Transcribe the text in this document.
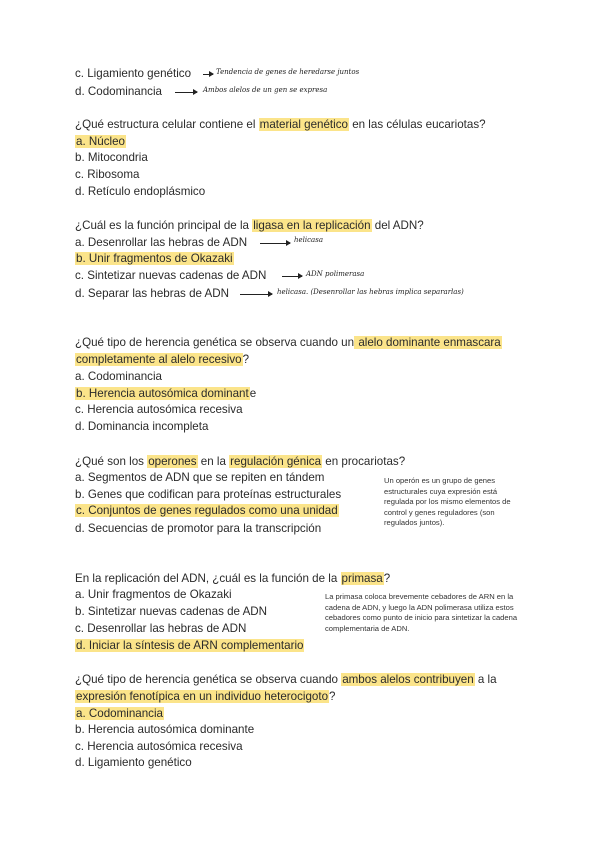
c. Ligamiento genético	Tendencia de genes de heredarse juntos
d. Codominancia	Ambos alelos de un gen se expresa
¿Qué estructura celular contiene el material genético en las células eucariotas?
a. Núcleo
b. Mitocondria
c. Ribosoma
d. Retículo endoplásmico
¿Cuál es la función principal de la ligasa en la replicación del ADN?
a. Desenrollar las hebras de ADN	helicasa
b. Unir fragmentos de Okazaki
c. Sintetizar nuevas cadenas de ADN	ADN polimerasa
d. Separar las hebras de ADN	helicasa. (Desenrollar las hebras implica separarlas)
¿Qué tipo de herencia genética se observa cuando un alelo dominante enmascara
completamente al alelo recesivo?
a. Codominancia
b. Herencia autosómica dominante
c. Herencia autosómica recesiva
d. Dominancia incompleta
¿Qué son los operones en la regulación génica en procariotas?
a. Segmentos de ADN que se repiten en tándem
b. Genes que codifican para proteínas estructurales
c. Conjuntos de genes regulados como una unidad
d. Secuencias de promotor para la transcripción
Un operón es un grupo de genes estructurales cuya expresión está regulada por los mismo elementos de control y genes reguladores (son regulados juntos).
En la replicación del ADN, ¿cuál es la función de la primasa?
a. Unir fragmentos de Okazaki
b. Sintetizar nuevas cadenas de ADN
c. Desenrollar las hebras de ADN
d. Iniciar la síntesis de ARN complementario
La primasa coloca brevemente cebadores de ARN en la cadena de ADN, y luego la ADN polimerasa utiliza estos cebadores como punto de inicio para sintetizar la cadena complementaria de ADN.
¿Qué tipo de herencia genética se observa cuando ambos alelos contribuyen a la
expresión fenotípica en un individuo heterocigoto?
a. Codominancia
b. Herencia autosómica dominante
c. Herencia autosómica recesiva
d. Ligamiento genético
